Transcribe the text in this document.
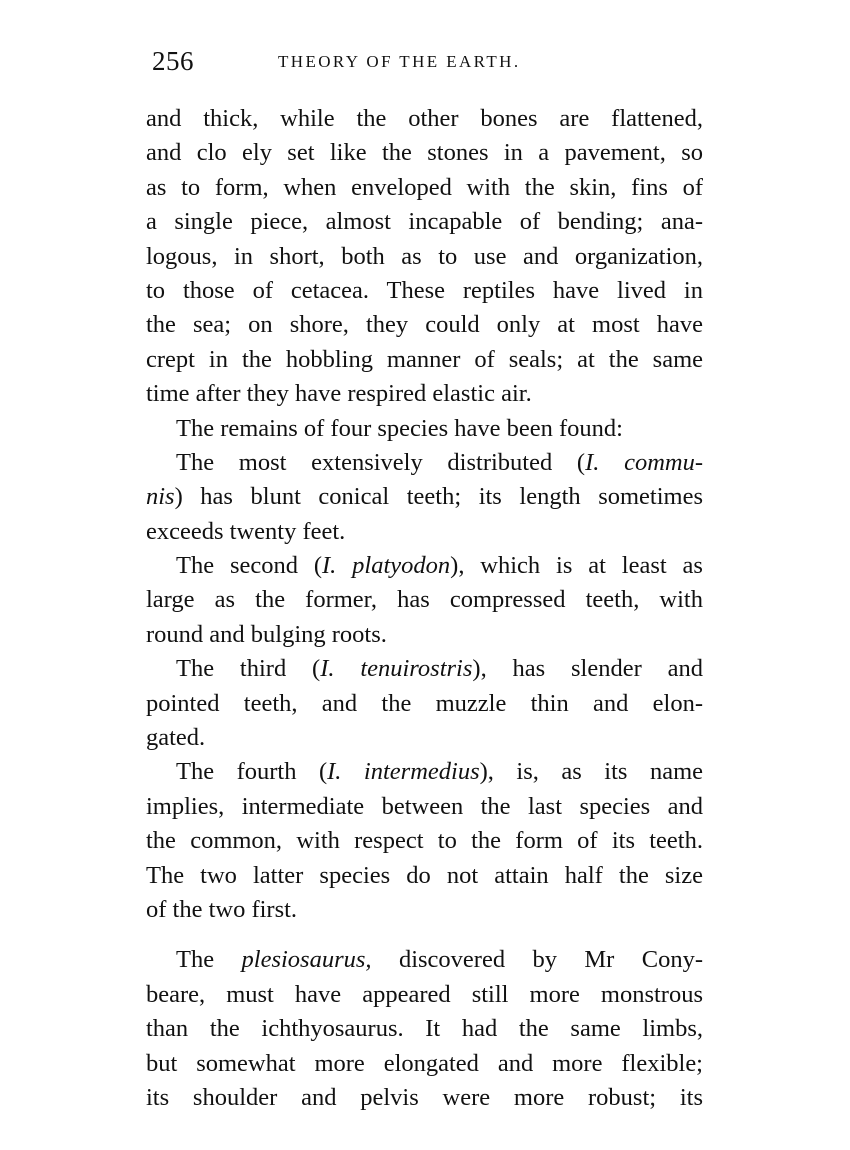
256	THEORY OF THE EARTH.
and thick, while the other bones are flattened,
and clo ely set like the stones in a pavement, so
as to form, when enveloped with the skin, fins of
a single piece, almost incapable of bending; ana-
logous, in short, both as to use and organization,
to those of cetacea. These reptiles have lived in
the sea; on shore, they could only at most have
crept in the hobbling manner of seals; at the same
time after they have respired elastic air.
The remains of four species have been found:
The most extensively distributed (I. commu-
nis) has blunt conical teeth; its length sometimes
exceeds twenty feet.
The second (I. platyodon), which is at least as
large as the former, has compressed teeth, with
round and bulging roots.
The third (I. tenuirostris), has slender and
pointed teeth, and the muzzle thin and elon-
gated.
The fourth (I. intermedius), is, as its name
implies, intermediate between the last species and
the common, with respect to the form of its teeth.
The two latter species do not attain half the size
of the two first.
The plesiosaurus, discovered by Mr Cony-
beare, must have appeared still more monstrous
than the ichthyosaurus. It had the same limbs,
but somewhat more elongated and more flexible;
its shoulder and pelvis were more robust; its
